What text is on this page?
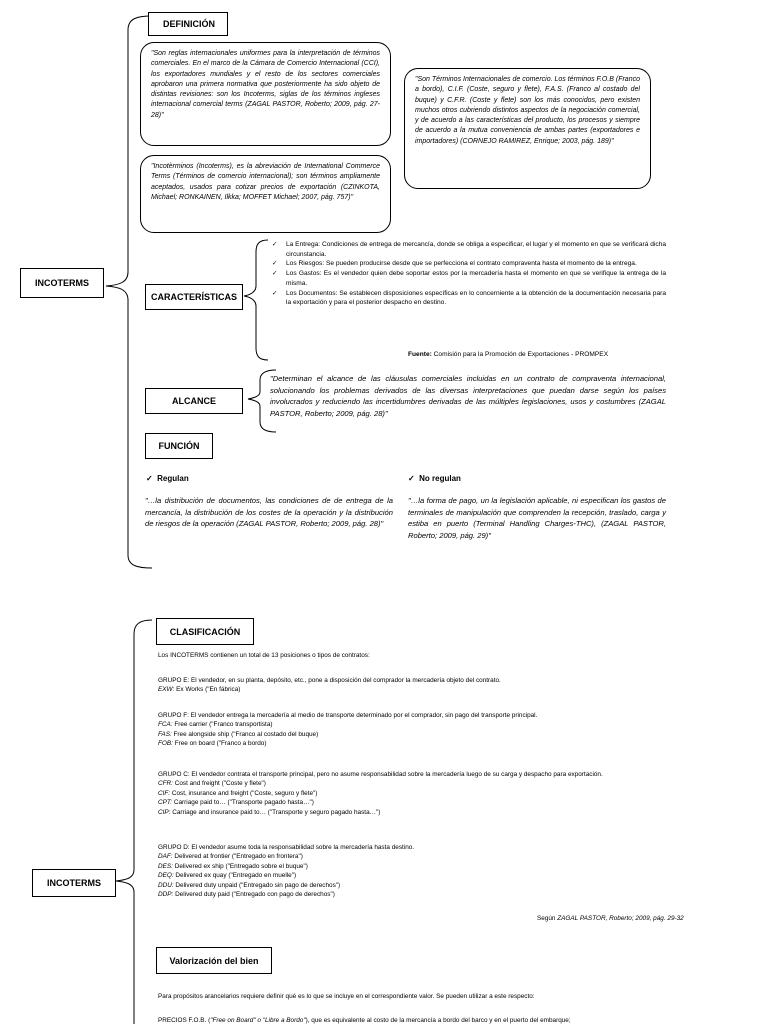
INCOTERMS
DEFINICIÓN
"Son reglas internacionales uniformes para la interpretación de términos comerciales. En el marco de la Cámara de Comercio Internacional (CCI), los exportadores mundiales y el resto de los sectores comerciales aprobaron una primera normativa que posteriormente ha sido objeto de distintas revisiones: son los Incoterms, siglas de los términos ingleses internacional comercial terms (ZAGAL PASTOR, Roberto; 2009, pág. 27-28)"
"Incotèrminos (Incoterms), es la abreviación de International Commerce Terms (Términos de comercio internacional); son términos ampliamente aceptados, usados para cotizar precios de exportación (CZINKOTA, Michael; RONKAINEN, Ilkka; MOFFET Michael; 2007, pág. 757)"
"Son Términos Internacionales de comercio. Los términos F.O.B (Franco a bordo), C.I.F. (Coste, seguro y flete), F.A.S. (Franco al costado del buque) y C.F.R. (Coste y flete) son los más conocidos, pero existen muchos otros cubriendo distintos aspectos de la negociación comercial, y de acuerdo a las características del producto, los procesos y siempre de acuerdo a la mutua conveniencia de ambas partes (exportadores e importadores) (CORNEJO RAMIREZ, Enrique; 2003, pág. 189)"
CARACTERÍSTICAS
✓ La Entrega: Condiciones de entrega de mercancía, donde se obliga a especificar, el lugar y el momento en que se verificará dicha circunstancia.
✓ Los Riesgos: Se pueden producirse desde que se perfecciona el contrato compraventa hasta el momento de la entrega.
✓ Los Gastos: Es el vendedor quien debe soportar estos por la mercadería hasta el momento en que se verifique la entrega de la misma.
✓ Los Documentos: Se establecen disposiciones específicas en lo concerniente a la obtención de la documentación necesaria para la exportación y para el posterior despacho en destino.
Fuente: Comisión para la Promoción de Exportaciones - PROMPEX
ALCANCE
"Determinan el alcance de las cláusulas comerciales incluidas en un contrato de compraventa internacional, solucionando los problemas derivados de las diversas interpretaciones que puedan darse según los países involucrados y reduciendo las incertidumbres derivadas de las múltiples legislaciones, usos y costumbres (ZAGAL PASTOR, Roberto; 2009, pág. 28)"
FUNCIÓN
✓ Regulan
"…la distribución de documentos, las condiciones de de entrega de la mercancía, la distribución de los costes de la operación y la distribución de riesgos de la operación (ZAGAL PASTOR, Roberto; 2009, pág. 28)"
✓ No regulan
"…la forma de pago, un la legislación aplicable, ni especifican los gastos de terminales de manipulación que comprenden la recepción, traslado, carga y estiba en puerto (Terminal Handling Charges-THC), (ZAGAL PASTOR, Roberto; 2009, pág. 29)"
INCOTERMS
CLASIFICACIÓN
Los INCOTERMS contienen un total de 13 posiciones o tipos de contratos:

GRUPO E: El vendedor, en su planta, depósito, etc., pone a disposición del comprador la mercadería objeto del contrato.

EXW: Ex Works ("En fábrica)

GRUPO F: El vendedor entrega la mercadería al medio de transporte determinado por el comprador, sin pago del transporte principal.

FCA: Free carrier ("Franco transportista)

FAS: Free alongside ship ("Franco al costado del buque)

FOB: Free on board ("Franco a bordo)

GRUPO C: El vendedor contrata el transporte principal, pero no asume responsabilidad sobre la mercadería luego de su carga y despacho para exportación.

CFR: Cost and freight ("Coste y flete")

CIF: Cost, insurance and freight ("Coste, seguro y flete")

CPT: Carriage paid to… ("Transporte pagado hasta…")

CIP: Carriage and insurance paid to… ("Transporte y seguro pagado hasta…")

GRUPO D: El vendedor asume toda la responsabilidad sobre la mercadería hasta destino.

DAF: Delivered at frontier ("Entregado en frontera")

DES: Delivered ex ship ("Entregado sobre el buque")

DEQ: Delivered ex quay ("Entregado en muelle")

DDU: Delivered duty unpaid ("Entregado sin pago de derechos")

DDP: Delivered duty paid ("Entregado con pago de derechos")

Según ZAGAL PASTOR, Roberto; 2009, pág. 29-32
Valorización del bien
Para propósitos arancelarios requiere definir qué es lo que se incluye en el correspondiente valor. Se pueden utilizar a este respecto:
PRECIOS F.O.B. ("Free on Board" o "Libre a Bordo"), que es equivalente al costo de la mercancía a bordo del barco y en el puerto del embarque;
